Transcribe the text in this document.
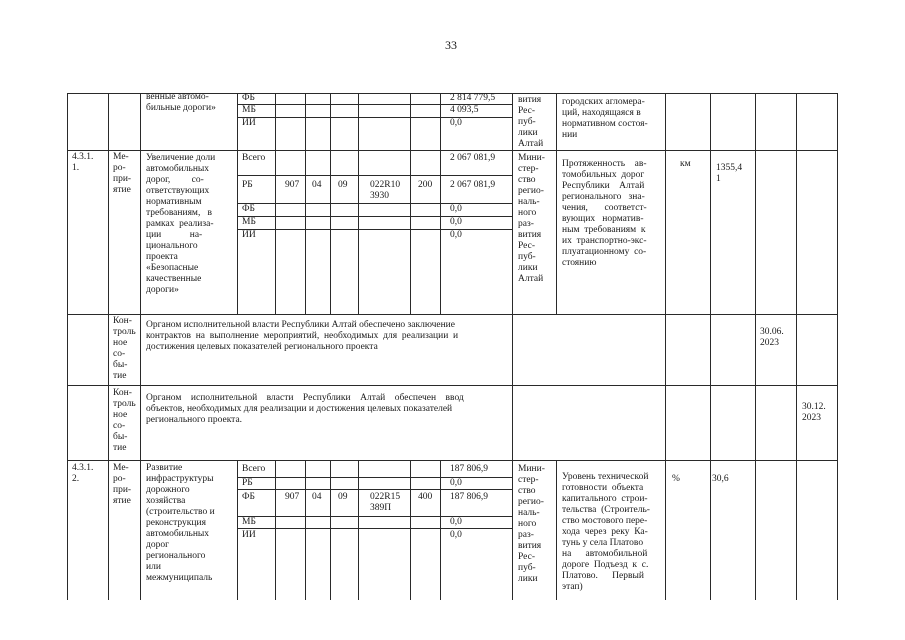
33
венные автомо-
бильные дороги»
ФБ
МБ
ИИ
2 814 779,5
4 093,5
0,0
вития
Рес-
пуб-
лики
Алтай
городских агломера-
ций, находящаяся в
нормативном состоя-
нии
4.3.1.
1.
Ме-
ро-
при-
ятие
Увеличение доли
автомобильных
дорог,         со-
ответствующих
нормативным
требованиям,   в
рамках  реализа-
ции            на-
ционального
проекта
«Безопасные
качественные
дороги»
Всего
РБ
ФБ
МБ
ИИ
907 04 09 022R10
3930
200
2 067 081,9
2 067 081,9
0,0
0,0
0,0
Мини-
стер-
ство
регио-
наль-
ного
раз-
вития
Рес-
пуб-
лики
Алтай
Протяженность    ав-
томобильных  дорог
Республики    Алтай
регионального   зна-
чения,       соответст-
вующих   норматив-
ным  требованиям  к
их  транспортно-экс-
плуатационному  со-
стоянию
км	1355,4
1
Кон-
троль
ное
со-
бы-
тие
Органом исполнительной власти Республики Алтай обеспечено заключение
контрактов  на  выполнение  мероприятий,  необходимых  для  реализации  и
достижения целевых показателей регионального проекта
30.06.
2023
Кон-
троль
ное
со-
бы-
тие
Органом    исполнительной    власти    Республики    Алтай    обеспечен    ввод
объектов, необходимых для реализации и достижения целевых показателей
регионального проекта.
30.12.
2023
4.3.1.
2.
Ме-
ро-
при-
ятие
Развитие
инфраструктуры
дорожного
хозяйства
(строительство и
реконструкция
автомобильных
дорог
регионального
или
межмуниципаль
Всего
РБ
ФБ
МБ
ИИ
907 04 09 022R15
389П
400
187 806,9
0,0
187 806,9
0,0
0,0
Мини-
стер-
ство
регио-
наль-
ного
раз-
вития
Рес-
пуб-
лики
Уровень технической
готовности  объекта
капитального  строи-
тельства  (Строитель-
ство мостового пере-
хода  через  реку  Ка-
тунь у села Платово
на      автомобильной
дороге  Подъезд  к  с.
Платово.      Первый
этап)
%	30,6
